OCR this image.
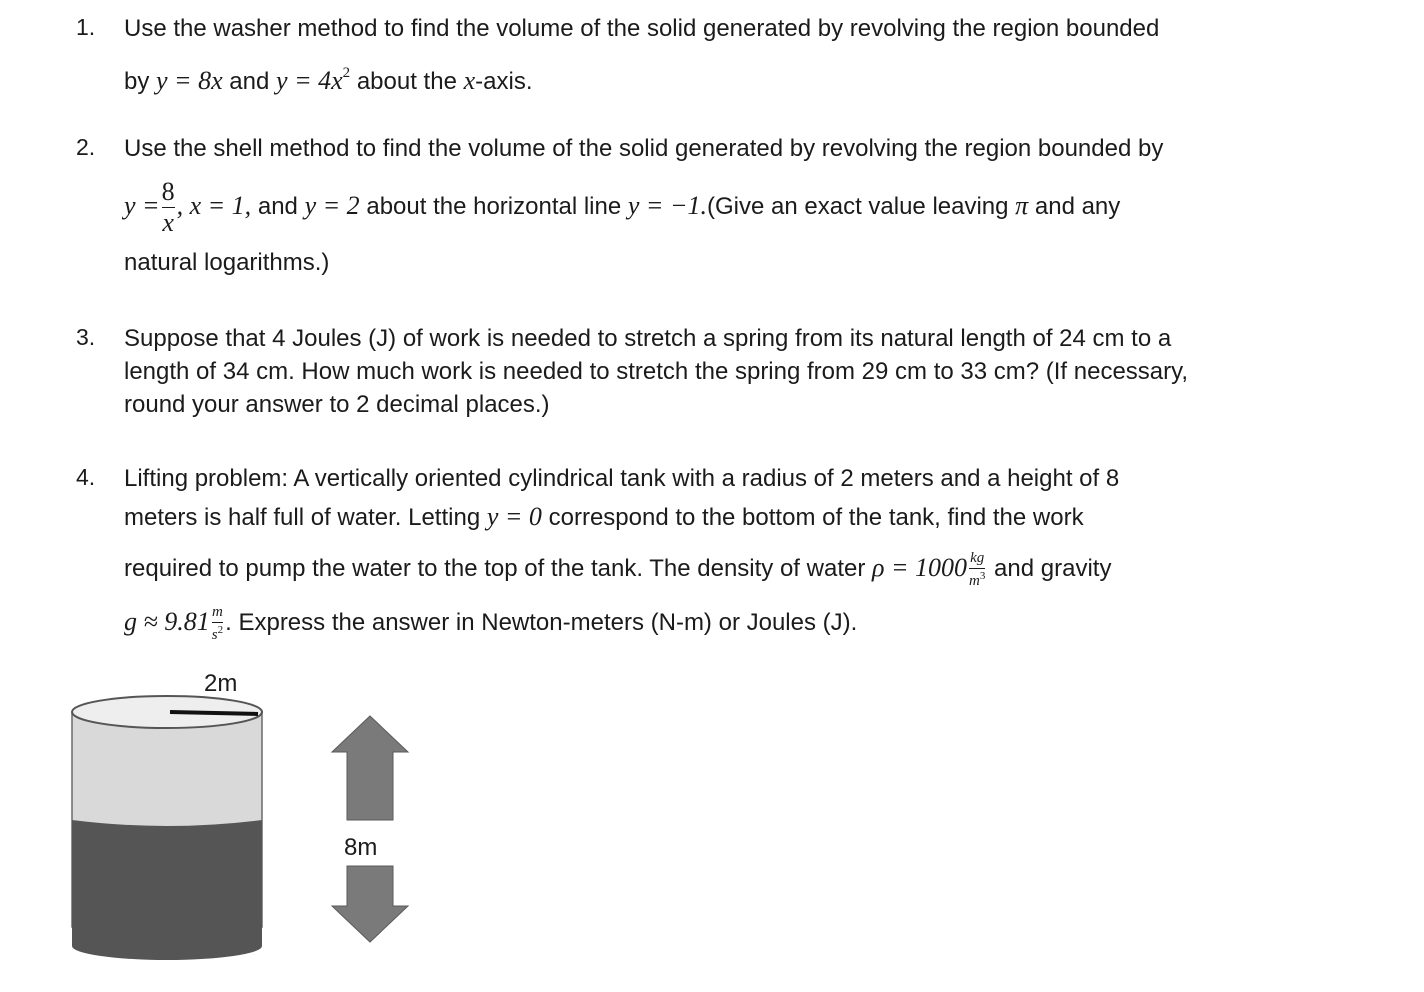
1. Use the washer method to find the volume of the solid generated by revolving the region bounded
by y = 8x and $y = 4x^2$ about the x-axis.
2. Use the shell method to find the volume of the solid generated by revolving the region bounded by
$y = \frac{8}{x}$ , x = 1, and y = 2 about the horizontal line y = −1.(Give an exact value leaving π and any
natural logarithms.)
3. Suppose that 4 Joules (J) of work is needed to stretch a spring from its natural length of 24 cm to a
length of 34 cm. How much work is needed to stretch the spring from 29 cm to 33 cm? (If necessary,
round your answer to 2 decimal places.)
4. Lifting problem: A vertically oriented cylindrical tank with a radius of 2 meters and a height of 8
meters is half full of water. Letting y = 0 correspond to the bottom of the tank, find the work
required to pump the water to the top of the tank. The density of water $\rho = 1000 \frac{kg}{m^3}$ and gravity
$g \approx 9.81 \frac{m}{s^2}$ . Express the answer in Newton-meters (N-m) or Joules (J).
2m
8m
